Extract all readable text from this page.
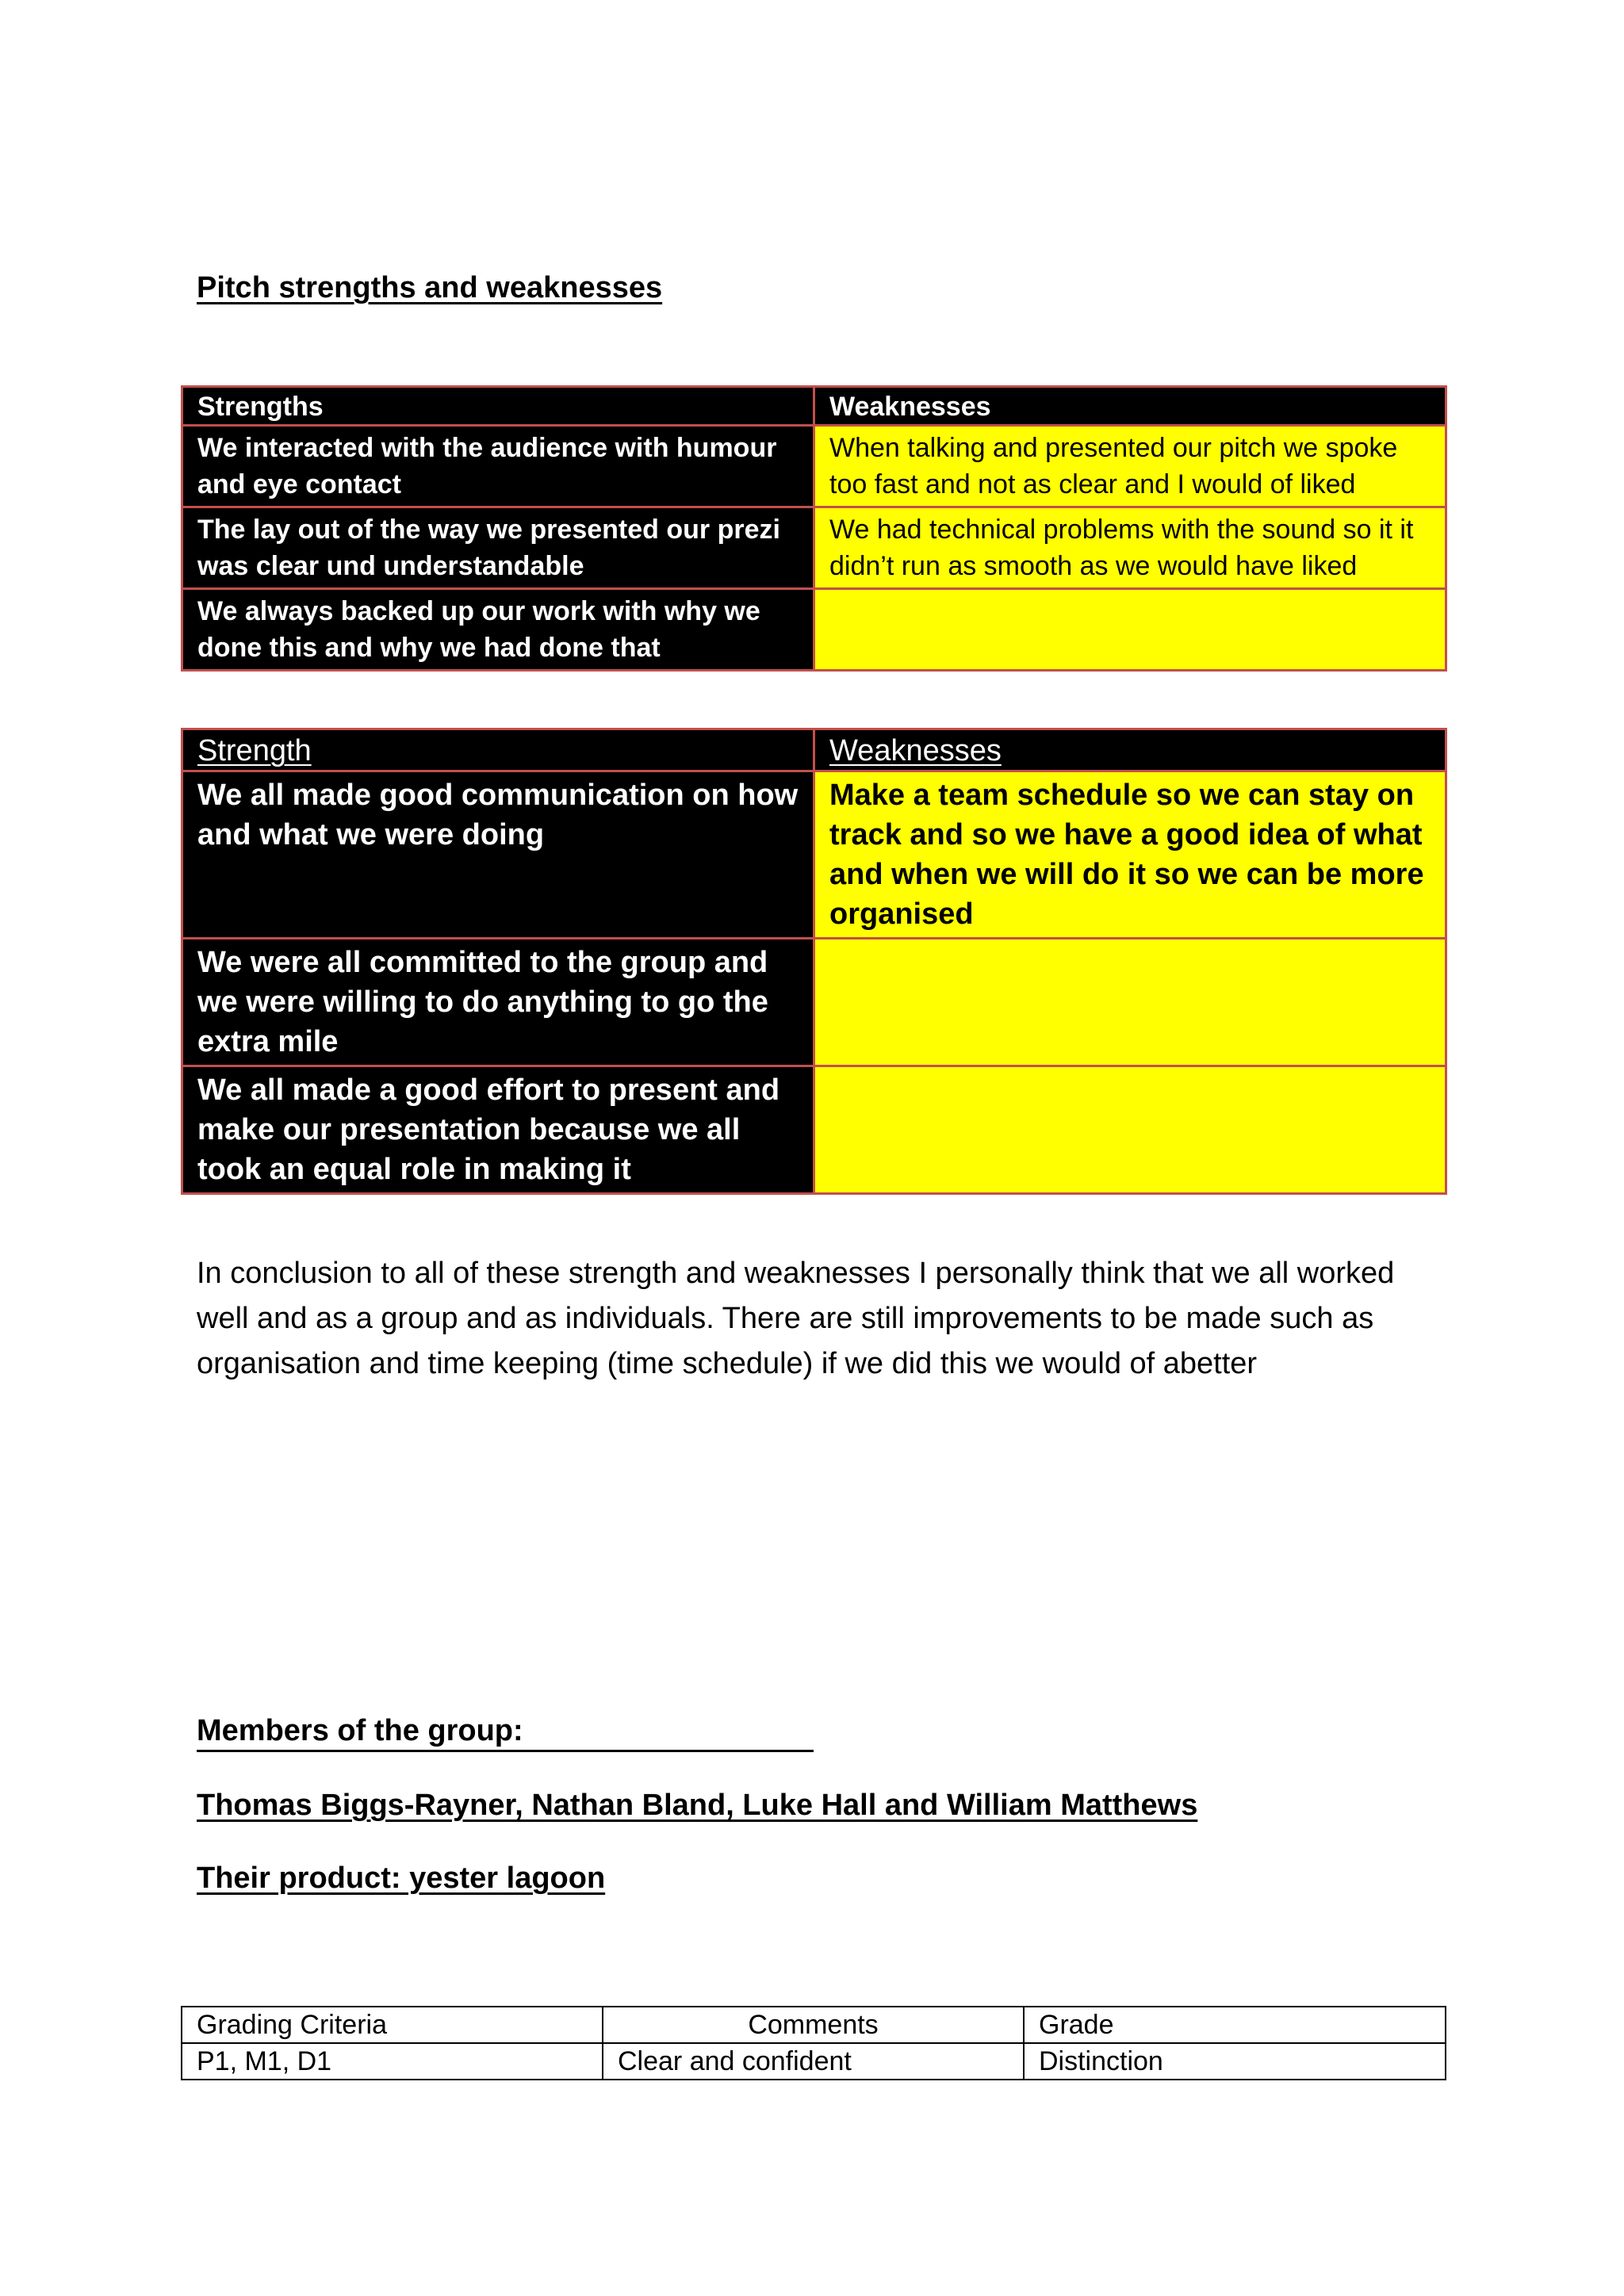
Pitch strengths and weaknesses
Strengths	Weaknesses
We interacted with the audience with humour and eye contact	When talking and presented our pitch we spoke too fast and not as clear and I would of liked
The lay out of the way we presented our prezi was clear und understandable	We had technical problems with the sound so it it didn’t run as smooth as we would have liked
We always backed up our work with why we done this and why we had done that	
Strength	Weaknesses
We all made good communication on how and what we were doing	Make a team schedule so we can stay on track and so we have a good idea of what and when we will do it so we can be more organised
We were all committed to the group and we were willing to do anything to go the extra mile	
We all made a good effort to present and make our presentation because we all took an equal role in making it	
In conclusion to all of these strength and weaknesses I personally think that we all worked well and as a group and as individuals. There are still improvements to be made such as organisation and time keeping (time schedule) if we did this we would of abetter
Members of the group:
Thomas Biggs-Rayner, Nathan Bland, Luke Hall and William Matthews
Their product: yester lagoon
Grading Criteria	Comments	Grade
P1, M1, D1	Clear and confident	Distinction
